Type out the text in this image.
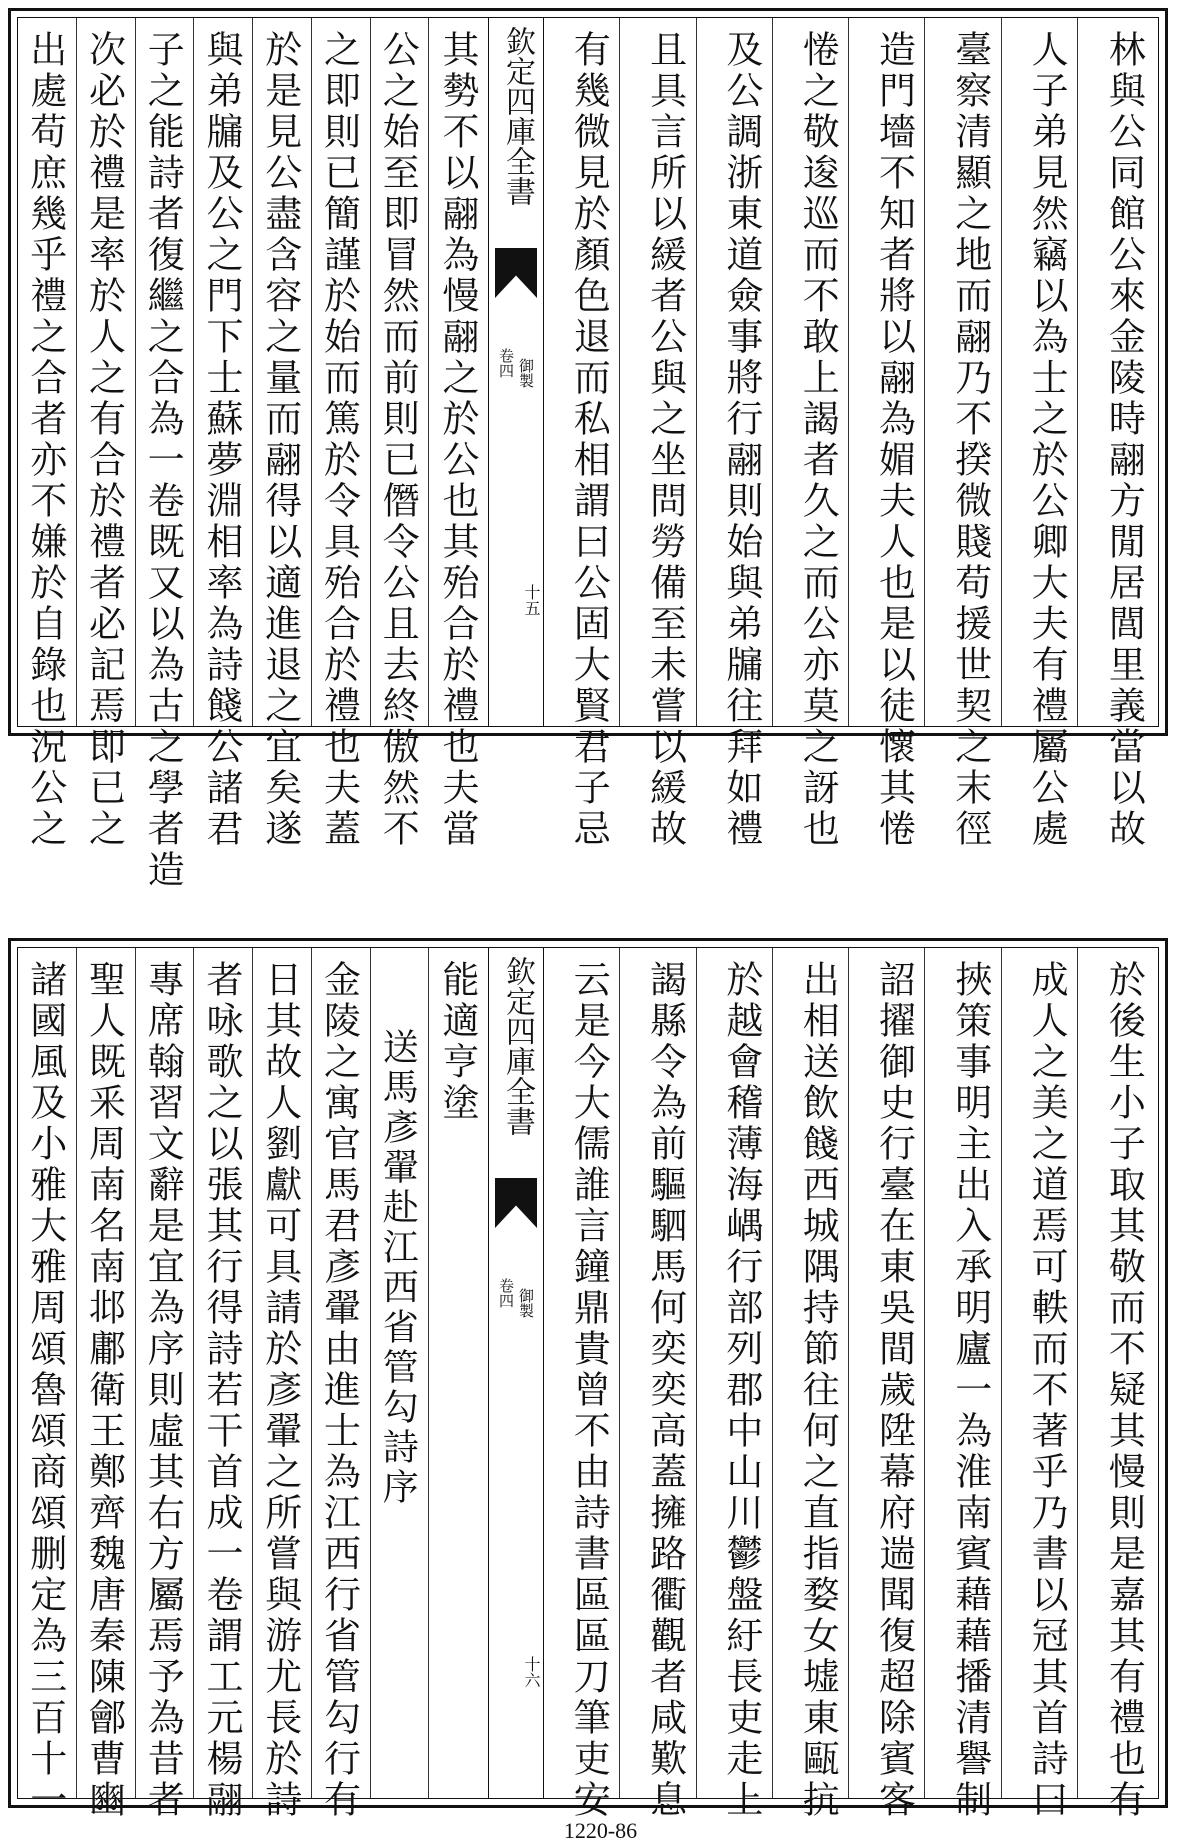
出處苟庶幾乎禮之合者亦不嫌於自錄也況公之 次必於禮是率於人之有合於禮者必記焉即已之 子之能詩者復繼之合為一卷既又以為古之學者造 與弟牖及公之門下士蘇夢淵相率為詩餞公諸君 於是見公盡含容之量而翮得以適進退之宜矣遂 之即則已簡謹於始而篤於令具殆合於禮也夫蓋 公之始至即冒然而前則已僭令公且去終傲然不 其勢不以翮為慢翮之於公也其殆合於禮也夫當 欽定四庫全書
卷四 御製
十五 有幾微見於顏色退而私相謂曰公固大賢君子忌 且具言所以緩者公與之坐問勞備至未嘗以緩故 及公調浙東道僉事將行翮則始與弟牖往拜如禮 惓之敬逡巡而不敢上謁者久之而公亦莫之訝也 造門墻不知者將以翮為媚夫人也是以徒懷其惓 臺察清顯之地而翮乃不揆微賤苟援世契之末徑 人子弟見然竊以為士之於公卿大夫有禮屬公處 林與公同館公來金陵時翮方閒居閭里義當以故
諸國風及小雅大雅周頌魯頌商頌删定為三百十一 聖人既釆周南名南邶鄘衛王鄭齊魏唐秦陳鄶曹豳 專席翰習文辭是宜為序則虛其右方屬焉予為昔者 者咏歌之以張其行得詩若干首成一卷謂工元楊翮 日其故人劉獻可具請於彥翬之所嘗與游尤長於詩 金陵之寓官馬君彥翬由進士為江西行省管勾行有 送馬彥翬赴江西省管勾詩序 能適亨塗 欽定四庫全書
卷四 御製
十六 云是今大儒誰言鐘鼎貴曾不由詩書區區刀筆吏安 謁縣令為前驅駟馬何奕奕高蓋擁路衢觀者咸歎息 於越會稽薄海嵎行部列郡中山川鬱盤紆長吏走上 出相送飲餞西城隅持節往何之直指婺女墟東甌抗 詔擢御史行臺在東吳間歲陞幕府遄聞復超除賓客 挾策事明主出入承明廬一為淮南賓藉藉播清譽制 成人之美之道焉可軼而不著乎乃書以冠其首詩曰 於後生小子取其敬而不疑其慢則是嘉其有禮也有
1220-86
